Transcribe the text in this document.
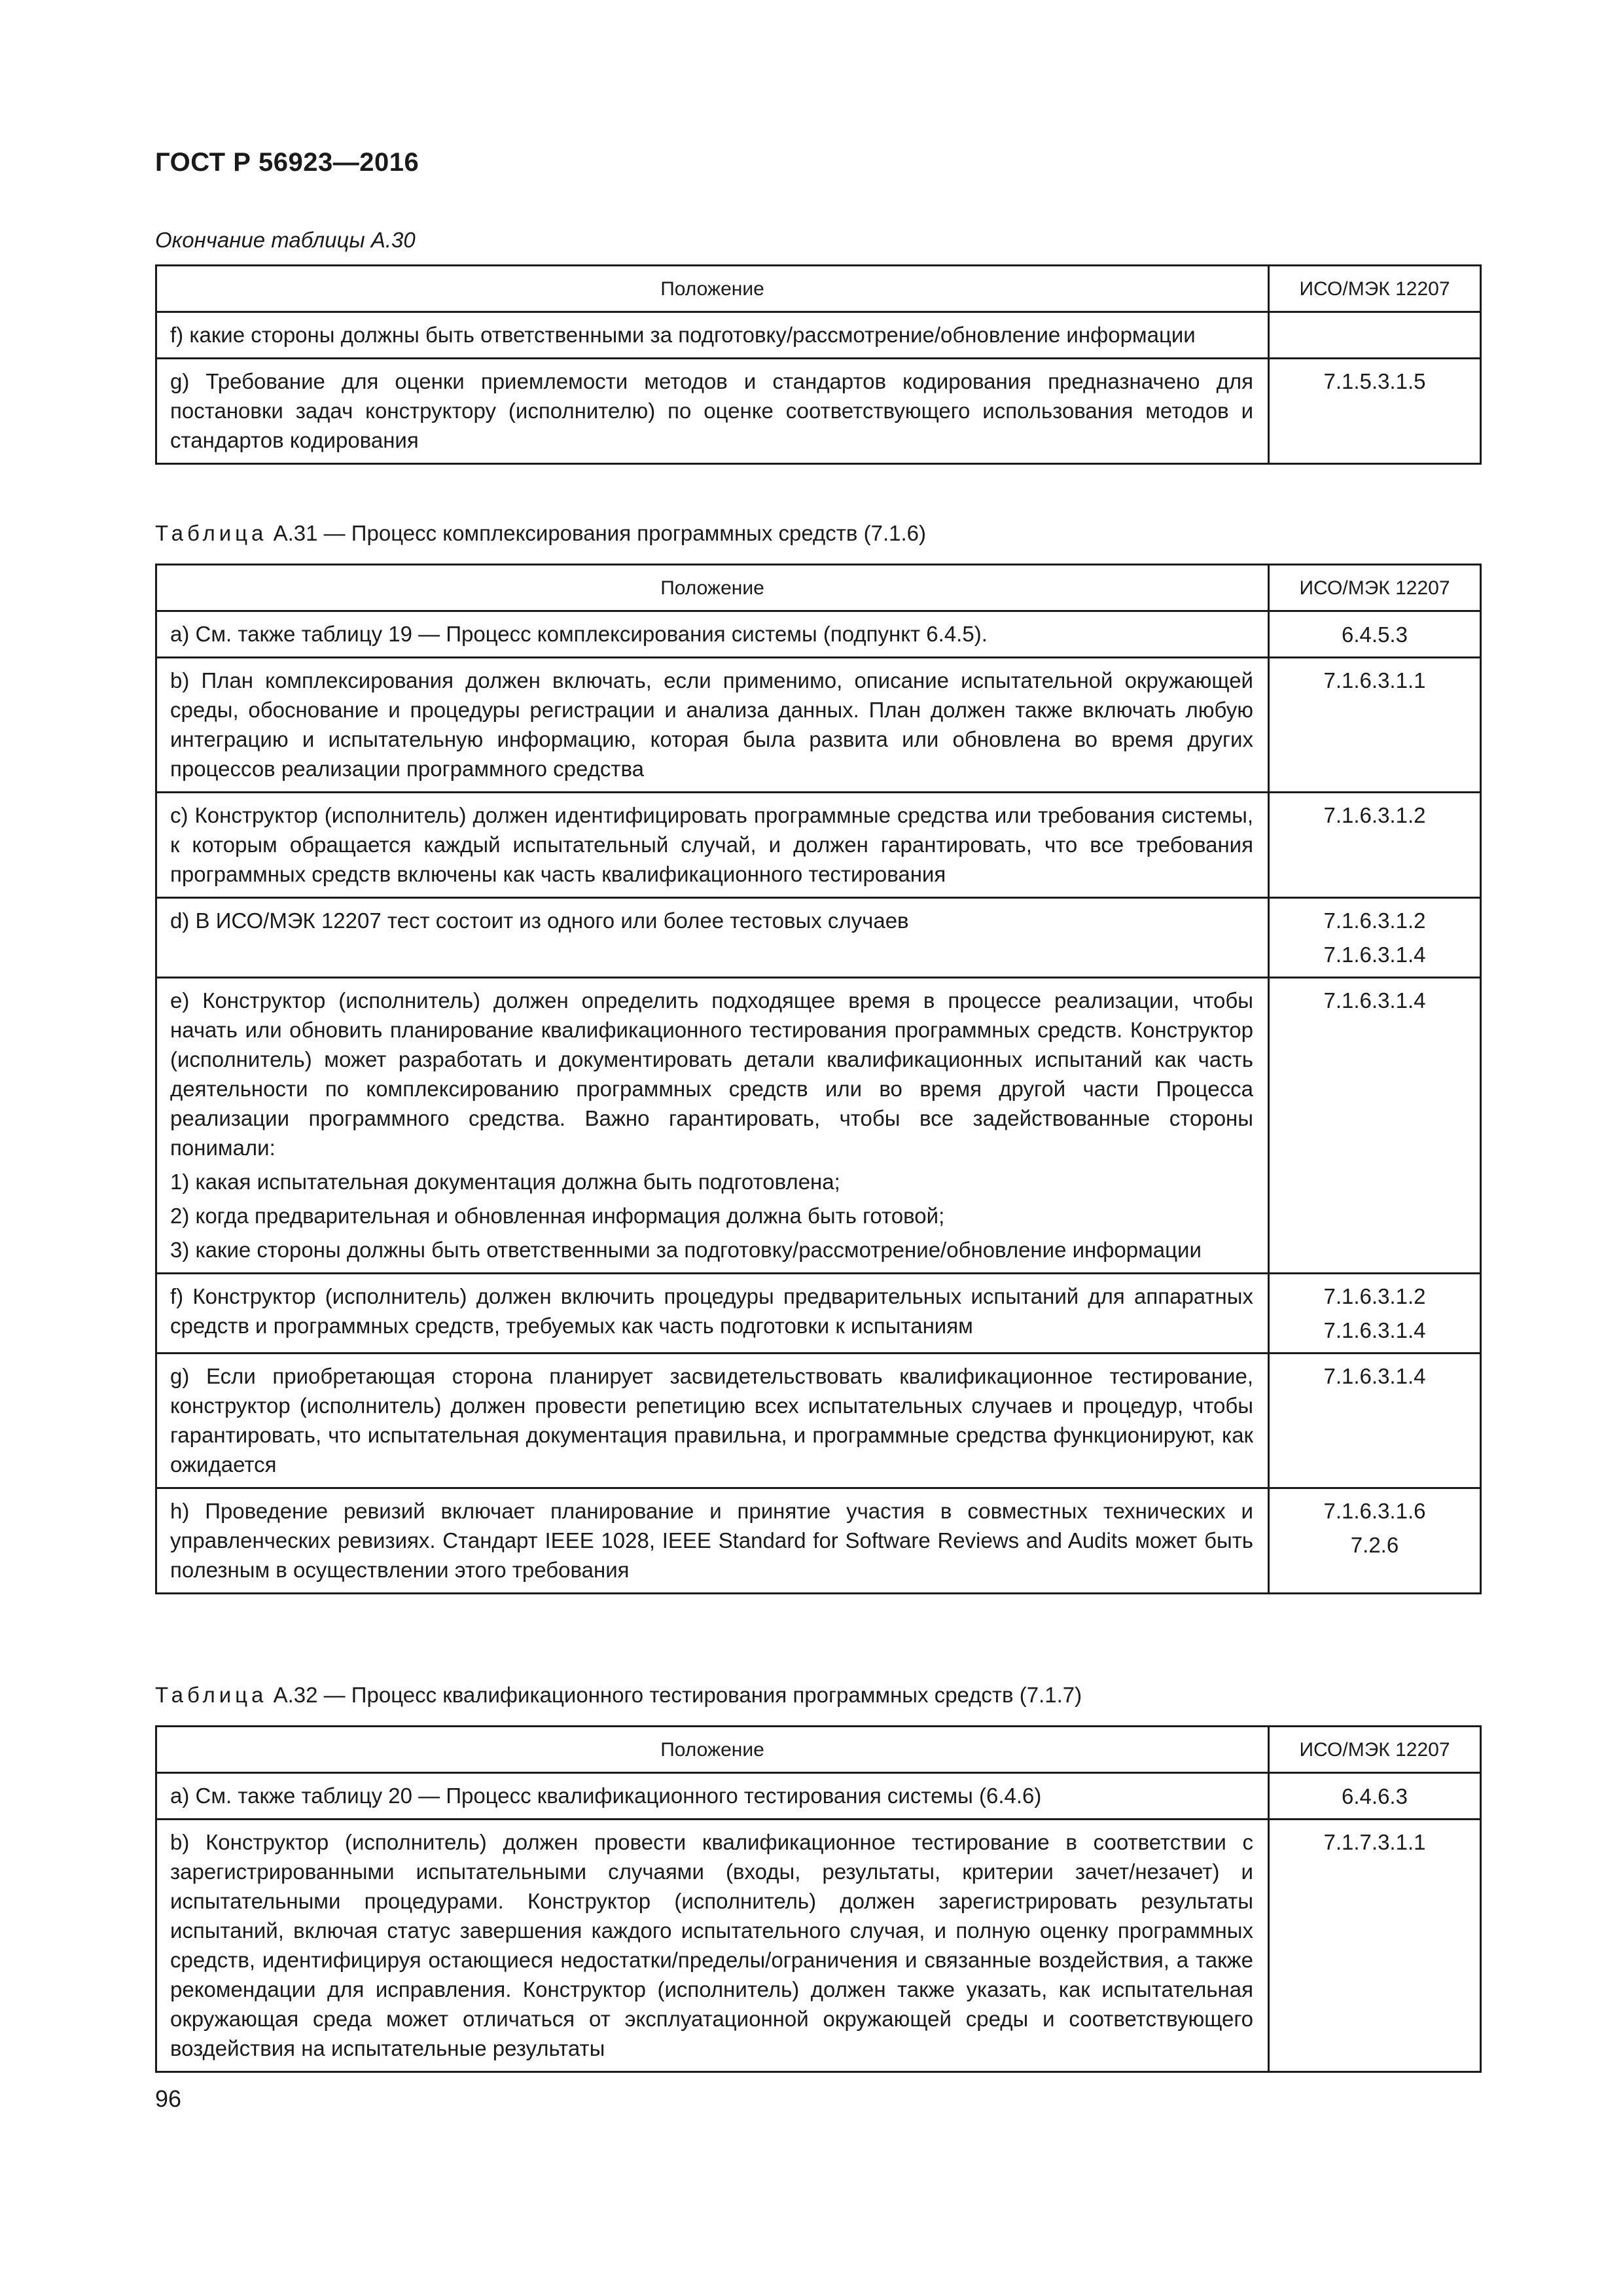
ГОСТ Р 56923—2016
Окончание таблицы А.30
Положение	ИСО/МЭК 12207
f) какие стороны должны быть ответственными за подготовку/рассмотрение/обновление информации	
g) Требование для оценки приемлемости методов и стандартов кодирования предназначено для постановки задач конструктору (исполнителю) по оценке соответствующего использования методов и стандартов кодирования	7.1.5.3.1.5
Таблица А.31 — Процесс комплексирования программных средств (7.1.6)
Положение	ИСО/МЭК 12207
a) См. также таблицу 19 — Процесс комплексирования системы (подпункт 6.4.5).	6.4.5.3

b) План комплексирования должен включать, если применимо, описание испытательной окружающей среды, обоснование и процедуры регистрации и анализа данных. План должен также включать любую интеграцию и испытательную информацию, которая была развита или обновлена во время других процессов реализации программного средства	7.1.6.3.1.1

c) Конструктор (исполнитель) должен идентифицировать программные средства или требования системы, к которым обращается каждый испытательный случай, и должен гарантировать, что все требования программных средств включены как часть квалификационного тестирования	7.1.6.3.1.2

d) В ИСО/МЭК 12207 тест состоит из одного или более тестовых случаев	7.1.6.3.1.2
7.1.6.3.1.4

e) Конструктор (исполнитель) должен определить подходящее время в процессе реализации, чтобы начать или обновить планирование квалификационного тестирования программных средств. Конструктор (исполнитель) может разработать и документировать детали квалификационных испытаний как часть деятельности по комплексированию программных средств или во время другой части Процесса реализации программного средства. Важно гарантировать, чтобы все задействованные стороны понимали:
1) какая испытательная документация должна быть подготовлена;
2) когда предварительная и обновленная информация должна быть готовой;
3) какие стороны должны быть ответственными за подготовку/рассмотрение/обновление информации	7.1.6.3.1.4

f) Конструктор (исполнитель) должен включить процедуры предварительных испытаний для аппаратных средств и программных средств, требуемых как часть подготовки к испытаниям	7.1.6.3.1.2
7.1.6.3.1.4

g) Если приобретающая сторона планирует засвидетельствовать квалификационное тестирование, конструктор (исполнитель) должен провести репетицию всех испытательных случаев и процедур, чтобы гарантировать, что испытательная документация правильна, и программные средства функционируют, как ожидается	7.1.6.3.1.4

h) Проведение ревизий включает планирование и принятие участия в совместных технических и управленческих ревизиях. Стандарт IEEE 1028, IEEE Standard for Software Reviews and Audits может быть полезным в осуществлении этого требования	7.1.6.3.1.6
7.2.6
Таблица А.32 — Процесс квалификационного тестирования программных средств (7.1.7)
Положение	ИСО/МЭК 12207
a) См. также таблицу 20 — Процесс квалификационного тестирования системы (6.4.6)	6.4.6.3

b) Конструктор (исполнитель) должен провести квалификационное тестирование в соответствии с зарегистрированными испытательными случаями (входы, результаты, критерии зачет/незачет) и испытательными процедурами. Конструктор (исполнитель) должен зарегистрировать результаты испытаний, включая статус завершения каждого испытательного случая, и полную оценку программных средств, идентифицируя остающиеся недостатки/пределы/ограничения и связанные воздействия, а также рекомендации для исправления. Конструктор (исполнитель) должен также указать, как испытательная окружающая среда может отличаться от эксплуатационной окружающей среды и соответствующего воздействия на испытательные результаты	7.1.7.3.1.1
96
